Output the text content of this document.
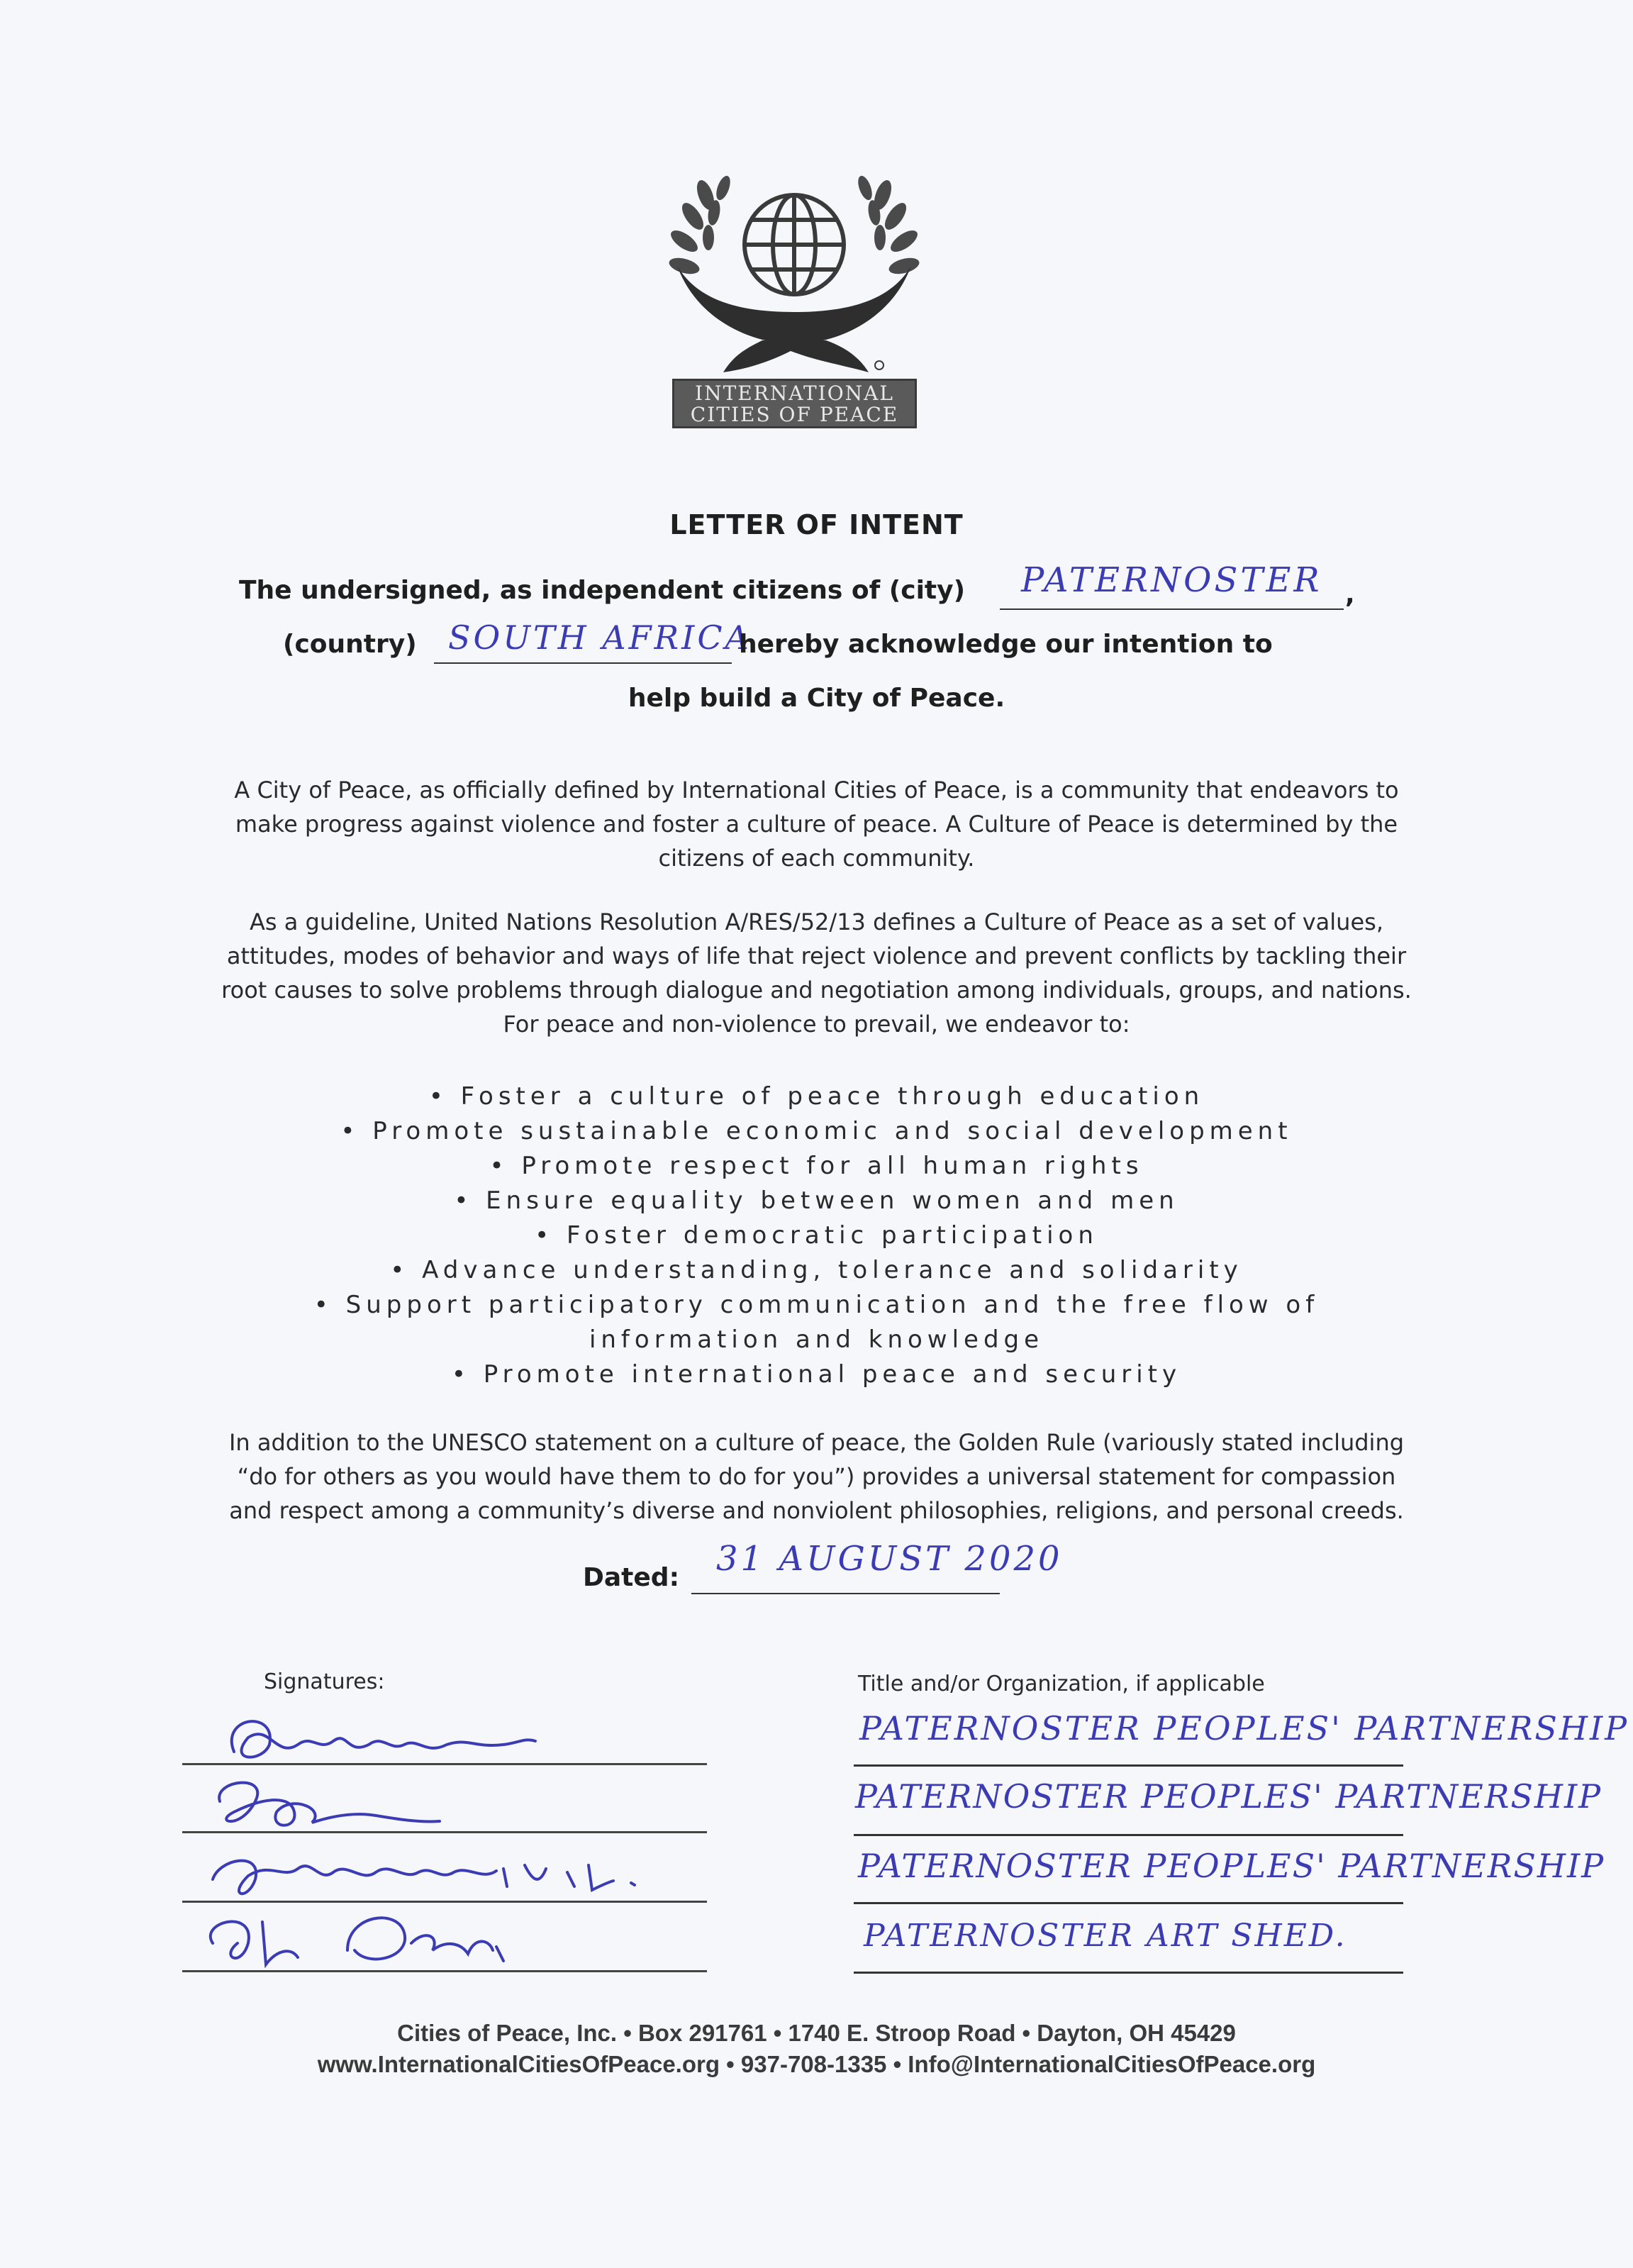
INTERNATIONAL
CITIES OF PEACE
LETTER OF INTENT
The undersigned, as independent citizens of (city) PATERNOSTER ,
(country) SOUTH AFRICA
hereby acknowledge our intention to
help build a City of Peace.
A City of Peace, as officially defined by International Cities of Peace, is a community that endeavors to
make progress against violence and foster a culture of peace. A Culture of Peace is determined by the
citizens of each community.
As a guideline, United Nations Resolution A/RES/52/13 defines a Culture of Peace as a set of values,
attitudes, modes of behavior and ways of life that reject violence and prevent conflicts by tackling their
root causes to solve problems through dialogue and negotiation among individuals, groups, and nations.
For peace and non-violence to prevail, we endeavor to:
• Foster a culture of peace through education
• Promote sustainable economic and social development
• Promote respect for all human rights
• Ensure equality between women and men
• Foster democratic participation
• Advance understanding, tolerance and solidarity
• Support participatory communication and the free flow of
information and knowledge
• Promote international peace and security
In addition to the UNESCO statement on a culture of peace, the Golden Rule (variously stated including
“do for others as you would have them to do for you”) provides a universal statement for compassion
and respect among a community’s diverse and nonviolent philosophies, religions, and personal creeds.
Dated: 31 AUGUST 2020
Signatures:	Title and/or Organization, if applicable
PATERNOSTER PEOPLES' PARTNERSHIP
PATERNOSTER PEOPLES' PARTNERSHIP
PATERNOSTER PEOPLES' PARTNERSHIP
PATERNOSTER ART SHED.
Cities of Peace, Inc. • Box 291761 • 1740 E. Stroop Road • Dayton, OH 45429
www.InternationalCitiesOfPeace.org • 937-708-1335 • Info@InternationalCitiesOfPeace.org
